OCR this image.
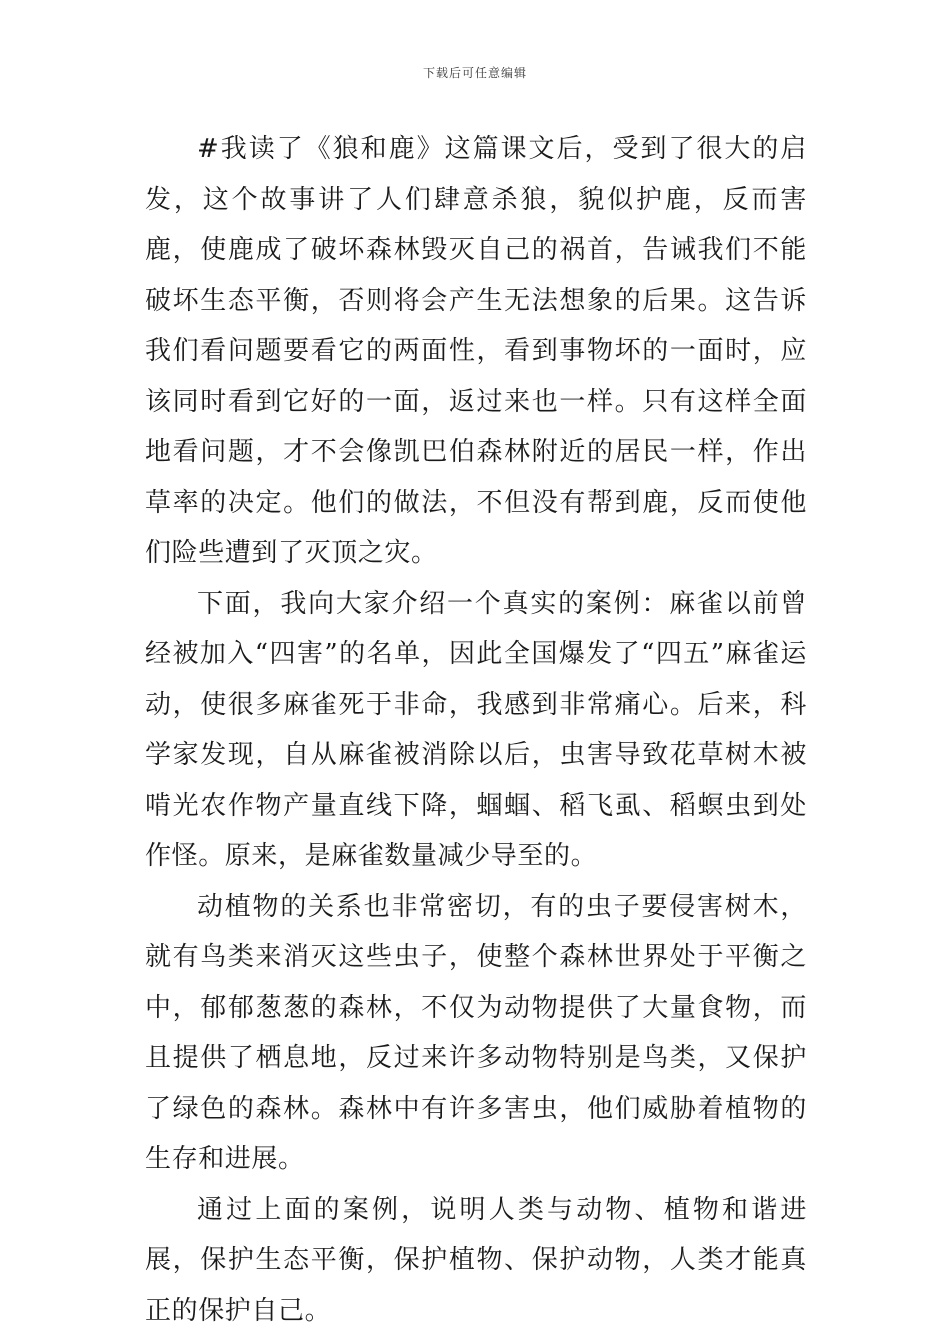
下载后可任意编辑

#我读了《狼和鹿》这篇课文后，受到了很大的启发，这个故事讲了人们肆意杀狼，貌似护鹿，反而害鹿，使鹿成了破坏森林毁灭自己的祸首，告诫我们不能破坏生态平衡，否则将会产生无法想象的后果。这告诉我们看问题要看它的两面性，看到事物坏的一面时，应该同时看到它好的一面，返过来也一样。只有这样全面地看问题，才不会像凯巴伯森林附近的居民一样，作出草率的决定。他们的做法，不但没有帮到鹿，反而使他们险些遭到了灭顶之灾。

下面，我向大家介绍一个真实的案例：麻雀以前曾经被加入“四害”的名单，因此全国爆发了“四五”麻雀运动，使很多麻雀死于非命，我感到非常痛心。后来，科学家发现，自从麻雀被消除以后，虫害导致花草树木被啃光农作物产量直线下降，蝈蝈、稻飞虱、稻螟虫到处作怪。原来，是麻雀数量减少导至的。

动植物的关系也非常密切，有的虫子要侵害树木，就有鸟类来消灭这些虫子，使整个森林世界处于平衡之中，郁郁葱葱的森林，不仅为动物提供了大量食物，而且提供了栖息地，反过来许多动物特别是鸟类，又保护了绿色的森林。森林中有许多害虫，他们威胁着植物的生存和进展。

通过上面的案例，说明人类与动物、植物和谐进展，保护生态平衡，保护植物、保护动物，人类才能真正的保护自己。
